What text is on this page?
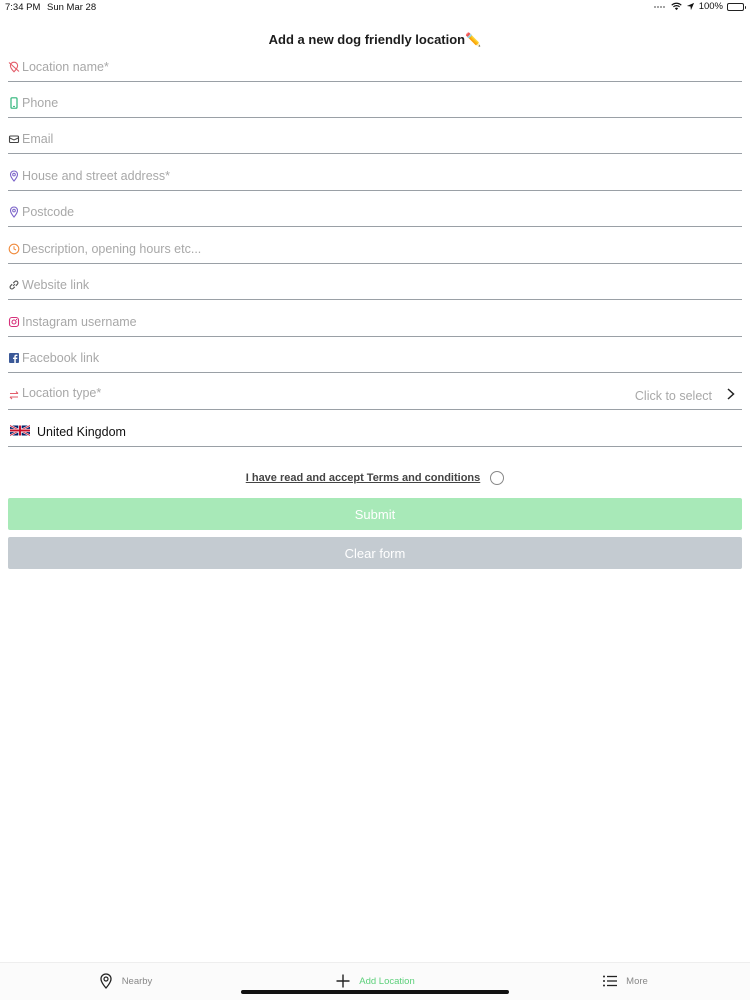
7:34 PM Sun Mar 28	100%
Add a new dog friendly location✏️
Location name*
Phone
Email
House and street address*
Postcode
Description, opening hours etc...
Website link
Instagram username
Facebook link
Location type*	Click to select
United Kingdom
I have read and accept Terms and conditions
Submit
Clear form
Nearby	Add Location	More
